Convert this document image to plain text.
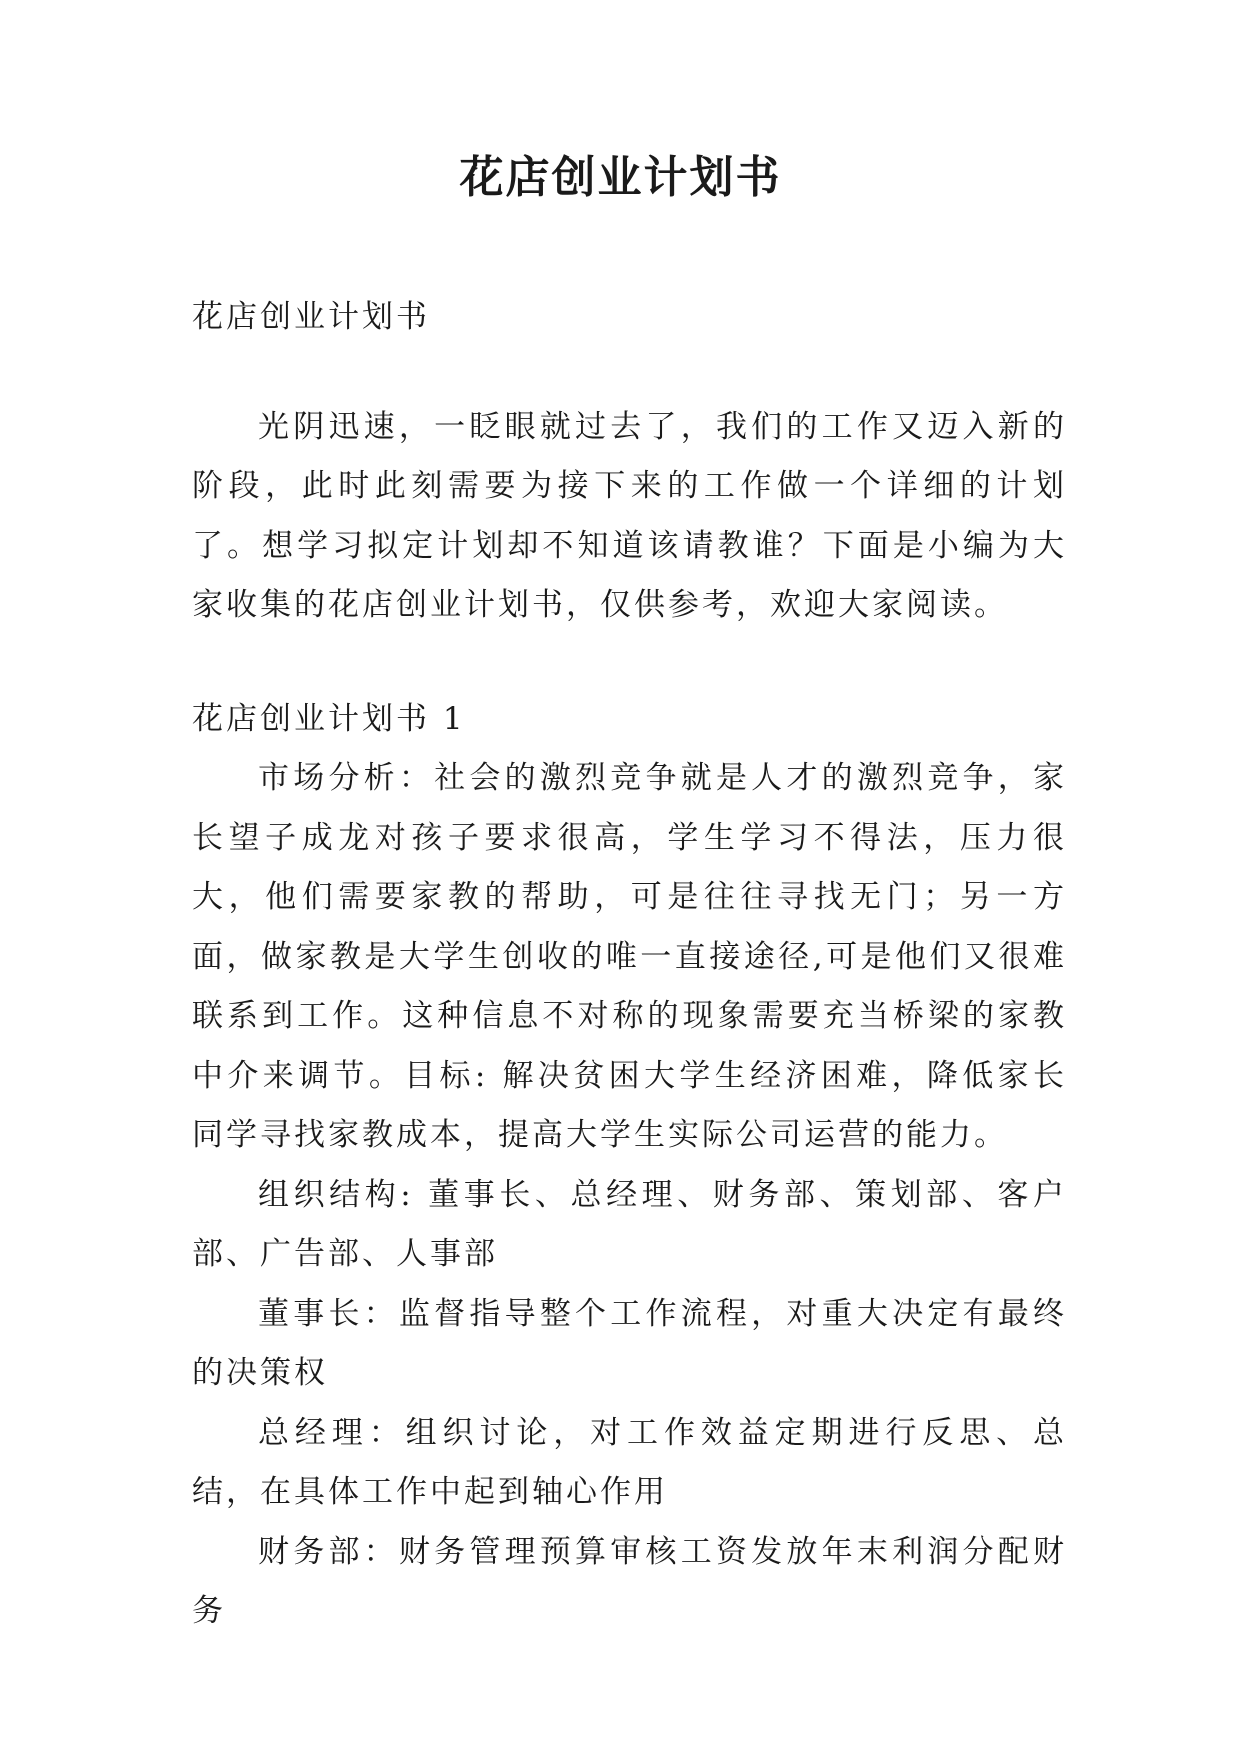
花店创业计划书

花店创业计划书

光阴迅速，一眨眼就过去了，我们的工作又迈入新的阶段，此时此刻需要为接下来的工作做一个详细的计划了。想学习拟定计划却不知道该请教谁？下面是小编为大家收集的花店创业计划书，仅供参考，欢迎大家阅读。

花店创业计划书 1

市场分析：社会的激烈竞争就是人才的激烈竞争，家长望子成龙对孩子要求很高，学生学习不得法，压力很大，他们需要家教的帮助，可是往往寻找无门；另一方面，做家教是大学生创收的唯一直接途径,可是他们又很难联系到工作。这种信息不对称的现象需要充当桥梁的家教中介来调节。目标: 解决贫困大学生经济困难，降低家长同学寻找家教成本，提高大学生实际公司运营的能力。

组织结构: 董事长、总经理、财务部、策划部、客户部、广告部、人事部

董事长：监督指导整个工作流程，对重大决定有最终的决策权

总经理：组织讨论，对工作效益定期进行反思、总结，在具体工作中起到轴心作用

财务部：财务管理预算审核工资发放年末利润分配财务
